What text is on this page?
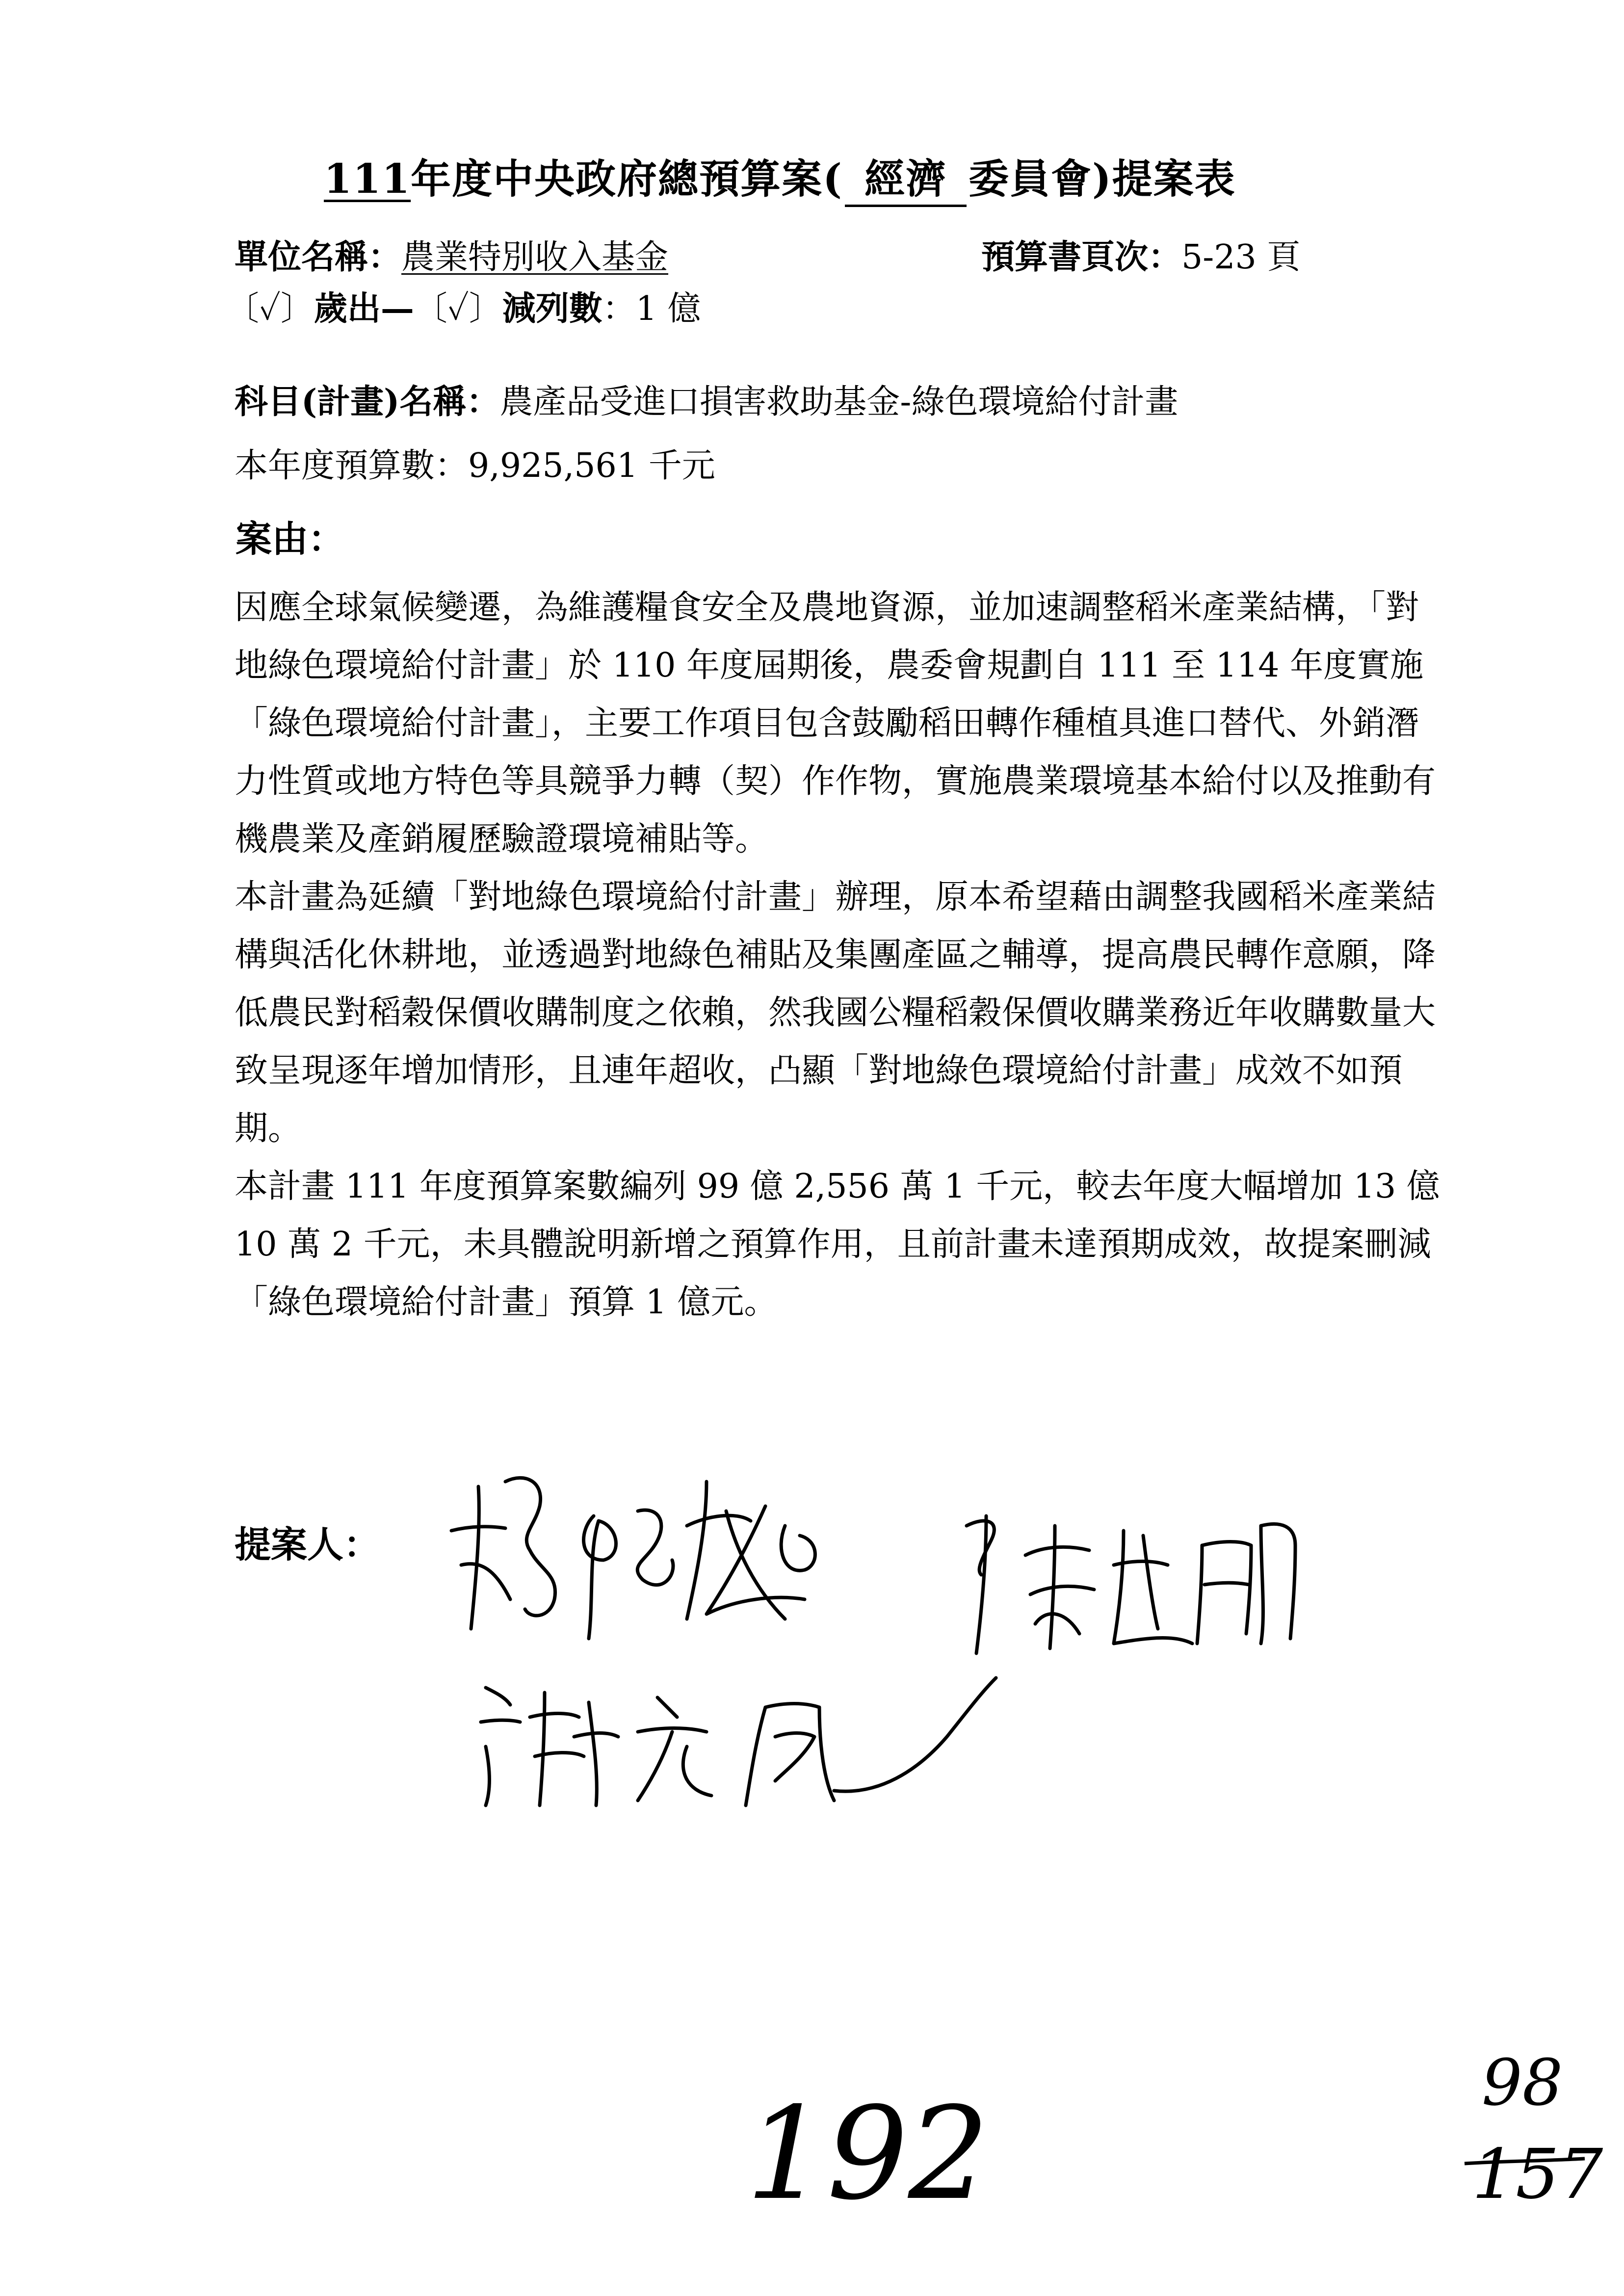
111年度中央政府總預算案( 經濟 委員會)提案表
單位名稱：農業特別收入基金	預算書頁次：5-23 頁
〔✓〕歲出—〔✓〕減列數：1 億
科目(計畫)名稱：農產品受進口損害救助基金-綠色環境給付計畫
本年度預算數：9,925,561 千元
案由：

因應全球氣候變遷，為維護糧食安全及農地資源，並加速調整稻米產業結構，「對地綠色環境給付計畫」於 110 年度屆期後，農委會規劃自 111 至 114 年度實施「綠色環境給付計畫」，主要工作項目包含鼓勵稻田轉作種植具進口替代、外銷潛力性質或地方特色等具競爭力轉（契）作作物，實施農業環境基本給付以及推動有機農業及產銷履歷驗證環境補貼等。

本計畫為延續「對地綠色環境給付計畫」辦理，原本希望藉由調整我國稻米產業結構與活化休耕地，並透過對地綠色補貼及集團產區之輔導，提高農民轉作意願，降低農民對稻穀保價收購制度之依賴，然我國公糧稻穀保價收購業務近年收購數量大致呈現逐年增加情形，且連年超收，凸顯「對地綠色環境給付計畫」成效不如預期。

本計畫 111 年度預算案數編列 99 億 2,556 萬 1 千元，較去年度大幅增加 13 億 10 萬 2 千元，未具體說明新增之預算作用，且前計畫未達預期成效，故提案刪減「綠色環境給付計畫」預算 1 億元。

提案人：
192	98
157
